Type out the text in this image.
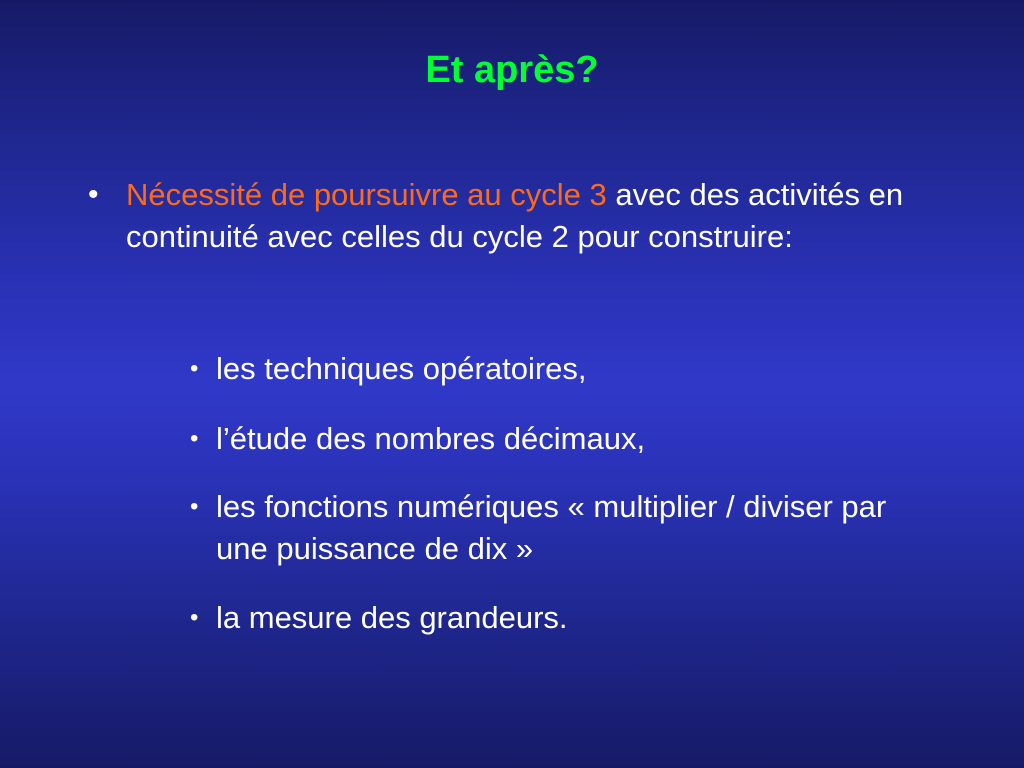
Et après?
• Nécessité de poursuivre au cycle 3 avec des activités en continuité avec celles du cycle 2 pour construire:
• les techniques opératoires,
• l’étude des nombres décimaux,
• les fonctions numériques « multiplier / diviser par une puissance de dix »
• la mesure des grandeurs.
